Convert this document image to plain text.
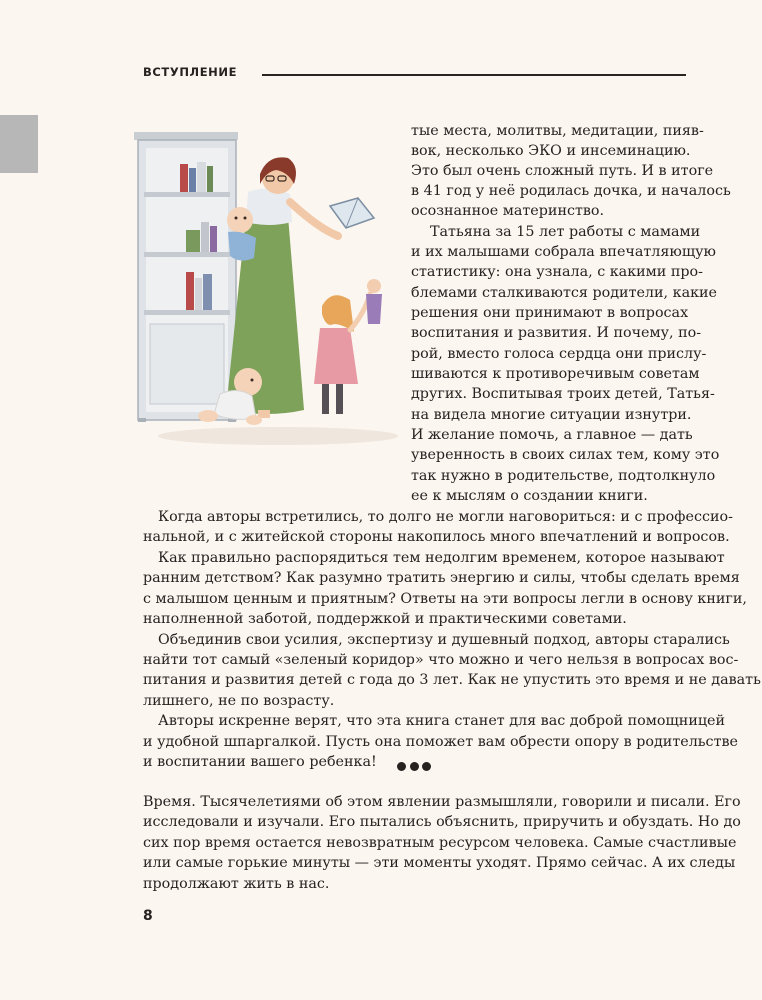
ВСТУПЛЕНИЕ

тые места, молитвы, медитации, пияв-

вок, несколько ЭКО и инсеминацию.

Это был очень сложный путь. И в итоге

в 41 год у неё родилась дочка, и началось

осознанное материнство.

Татьяна за 15 лет работы с мамами

и их малышами собрала впечатляющую

статистику: она узнала, с какими про-

блемами сталкиваются родители, какие

решения они принимают в вопросах

воспитания и развития. И почему, по-

рой, вместо голоса сердца они прислу-

шиваются к противоречивым советам

других. Воспитывая троих детей, Татья-

на видела многие ситуации изнутри.

И желание помочь, а главное — дать

уверенность в своих силах тем, кому это

так нужно в родительстве, подтолкнуло

ее к мыслям о создании книги.

Когда авторы встретились, то долго не могли наговориться: и с профессио-

нальной, и с житейской стороны накопилось много впечатлений и вопросов.

Как правильно распорядиться тем недолгим временем, которое называют

ранним детством? Как разумно тратить энергию и силы, чтобы сделать время

с малышом ценным и приятным? Ответы на эти вопросы легли в основу книги,

наполненной заботой, поддержкой и практическими советами.

Объединив свои усилия, экспертизу и душевный подход, авторы старались

найти тот самый «зеленый коридор» что можно и чего нельзя в вопросах вос-

питания и развития детей с года до 3 лет. Как не упустить это время и не давать

лишнего, не по возрасту.

Авторы искренне верят, что эта книга станет для вас доброй помощницей

и удобной шпаргалкой. Пусть она поможет вам обрести опору в родительстве

и воспитании вашего ребенка!

Время. Тысячелетиями об этом явлении размышляли, говорили и писали. Его

исследовали и изучали. Его пытались объяснить, приручить и обуздать. Но до

сих пор время остается невозвратным ресурсом человека. Самые счастливые

или самые горькие минуты — эти моменты уходят. Прямо сейчас. А их следы

продолжают жить в нас.

8
